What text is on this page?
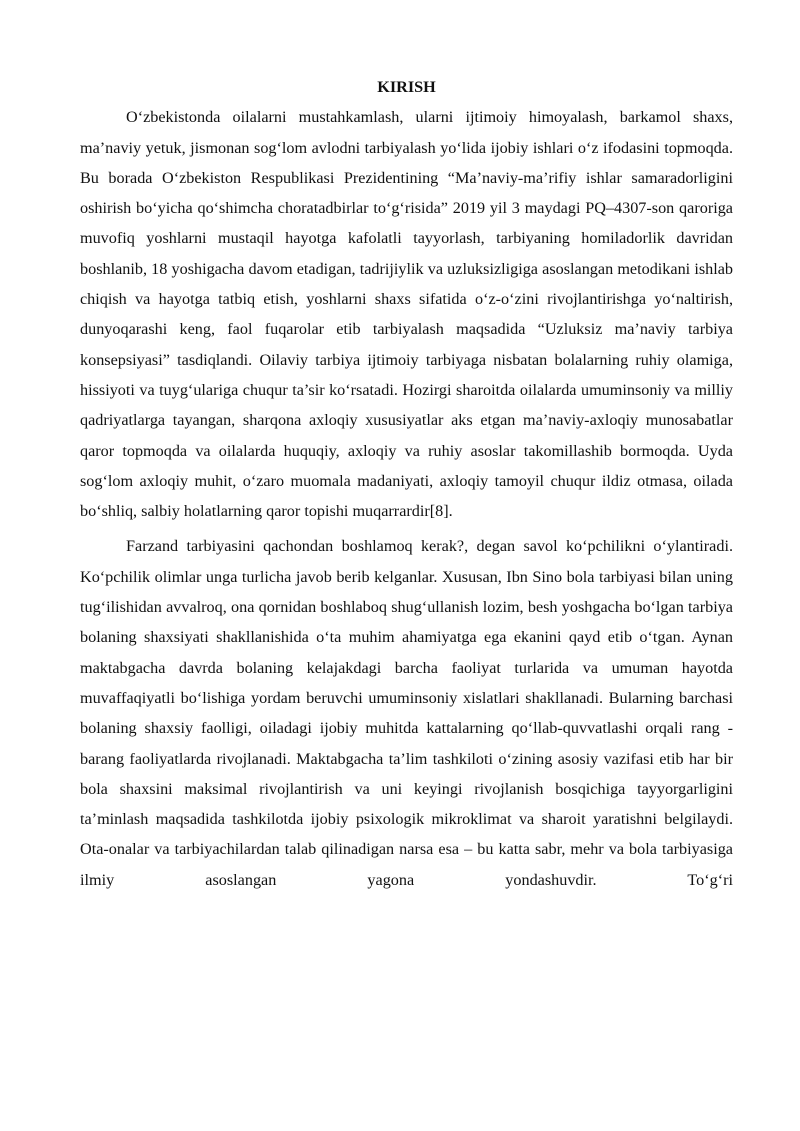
KIRISH

O‘zbekistonda oilalarni mustahkamlash, ularni ijtimoiy himoyalash, barkamol shaxs, ma’naviy yetuk, jismonan sog‘lom avlodni tarbiyalash yo‘lida ijobiy ishlari o‘z ifodasini topmoqda. Bu borada O‘zbekiston Respublikasi Prezidentining “Ma’naviy-ma’rifiy ishlar samaradorligini oshirish bo‘yicha qo‘shimcha choratadbirlar to‘g‘risida” 2019 yil 3 maydagi PQ–4307-son qaroriga muvofiq yoshlarni mustaqil hayotga kafolatli tayyorlash, tarbiyaning homiladorlik davridan boshlanib, 18 yoshigacha davom etadigan, tadrijiylik va uzluksizligiga asoslangan metodikani ishlab chiqish va hayotga tatbiq etish, yoshlarni shaxs sifatida o‘z-o‘zini rivojlantirishga yo‘naltirish, dunyoqarashi keng, faol fuqarolar etib tarbiyalash maqsadida “Uzluksiz ma’naviy tarbiya konsepsiyasi” tasdiqlandi. Oilaviy tarbiya ijtimoiy tarbiyaga nisbatan bolalarning ruhiy olamiga, hissiyoti va tuyg‘ulariga chuqur ta’sir ko‘rsatadi. Hozirgi sharoitda oilalarda umuminsoniy va milliy qadriyatlarga tayangan, sharqona axloqiy xususiyatlar aks etgan ma’naviy-axloqiy munosabatlar qaror topmoqda va oilalarda huquqiy, axloqiy va ruhiy asoslar takomillashib bormoqda. Uyda sog‘lom axloqiy muhit, o‘zaro muomala madaniyati, axloqiy tamoyil chuqur ildiz otmasa, oilada bo‘shliq, salbiy holatlarning qaror topishi muqarrardir[8].

Farzand tarbiyasini qachondan boshlamoq kerak?, degan savol ko‘pchilikni o‘ylantiradi. Ko‘pchilik olimlar unga turlicha javob berib kelganlar. Xususan, Ibn Sino bola tarbiyasi bilan uning tug‘ilishidan avvalroq, ona qornidan boshlaboq shug‘ullanish lozim, besh yoshgacha bo‘lgan tarbiya bolaning shaxsiyati shakllanishida o‘ta muhim ahamiyatga ega ekanini qayd etib o‘tgan. Aynan maktabgacha davrda bolaning kelajakdagi barcha faoliyat turlarida va umuman hayotda muvaffaqiyatli bo‘lishiga yordam beruvchi umuminsoniy xislatlari shakllanadi. Bularning barchasi bolaning shaxsiy faolligi, oiladagi ijobiy muhitda kattalarning qo‘llab-quvvatlashi orqali rang -barang faoliyatlarda rivojlanadi. Maktabgacha ta’lim tashkiloti o‘zining asosiy vazifasi etib har bir bola shaxsini maksimal rivojlantirish va uni keyingi rivojlanish bosqichiga tayyorgarligini ta’minlash maqsadida tashkilotda ijobiy psixologik mikroklimat va sharoit yaratishni belgilaydi. Ota-onalar va tarbiyachilardan talab qilinadigan narsa esa – bu katta sabr, mehr va bola tarbiyasiga ilmiy asoslangan yagona yondashuvdir. To‘g‘ri
